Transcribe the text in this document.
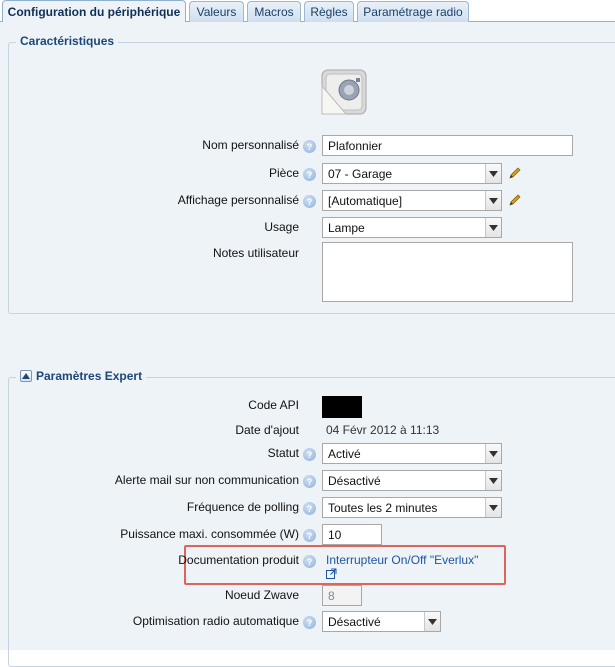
Configuration du périphérique	Valeurs	Macros	Règles	Paramétrage radio
Caractéristiques
Nom personnalisé ?	Plafonnier
Pièce ?	07 - Garage
Affichage personnalisé ?	[Automatique]
Usage Lampe
Notes utilisateur
Paramètres Expert
Code API
Date d'ajout 04 Févr 2012 à 11:13
Statut ?	Activé
Alerte mail sur non communication ?	Désactivé
Fréquence de polling ?	Toutes les 2 minutes
Puissance maxi. consommée (W) ?	10
Documentation produit ?	Interrupteur On/Off "Everlux"
Noeud Zwave	8
Optimisation radio automatique ?	Désactivé
